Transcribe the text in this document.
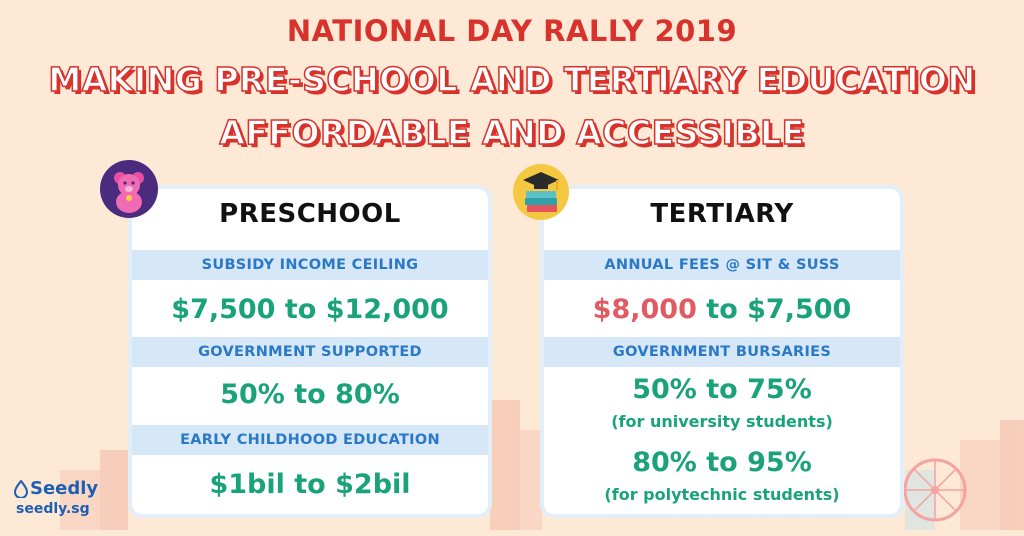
NATIONAL DAY RALLY 2019
MAKING PRE-SCHOOL AND TERTIARY EDUCATION
AFFORDABLE AND ACCESSIBLE
PRESCHOOL
SUBSIDY INCOME CEILING
$7,500 to $12,000
GOVERNMENT SUPPORTED
50% to 80%
EARLY CHILDHOOD EDUCATION
$1bil to $2bil
TERTIARY
ANNUAL FEES @ SIT & SUSS
$8,000 to $7,500
GOVERNMENT BURSARIES
50% to 75%
(for university students)
80% to 95%
(for polytechnic students)
Seedly
seedly.sg
